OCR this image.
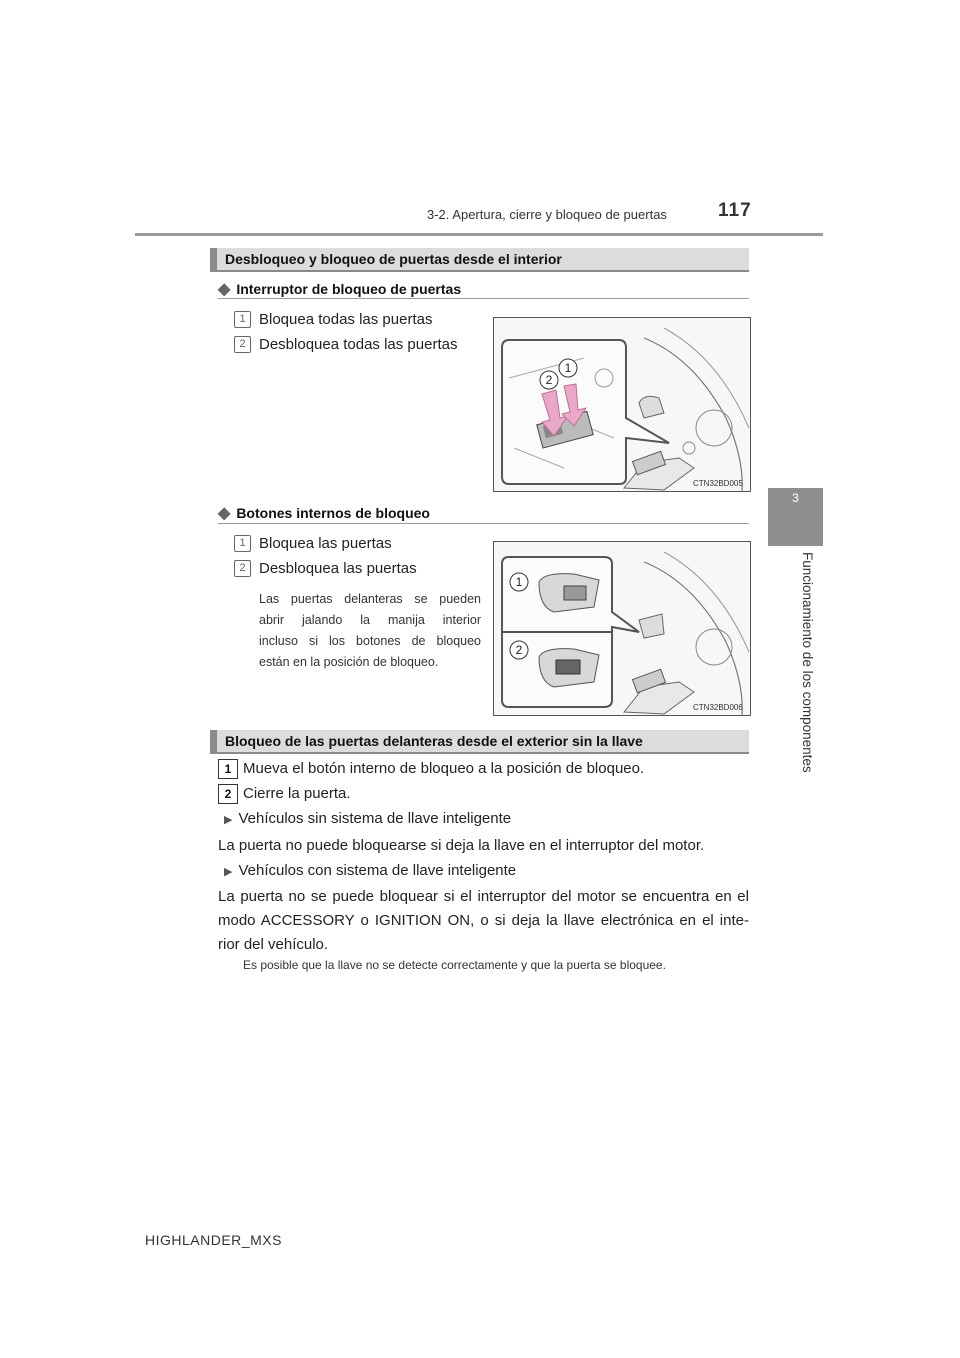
3-2. Apertura, cierre y bloqueo de puertas	117
3
Funcionamiento de los componentes
Desbloqueo y bloqueo de puertas desde el interior
◆ Interruptor de bloqueo de puertas
1 Bloquea todas las puertas
2 Desbloquea todas las puertas
2
1
CTN32BD005
◆ Botones internos de bloqueo
1 Bloquea las puertas
2 Desbloquea las puertas
Las puertas delanteras se pueden
abrir jalando la manija interior
incluso si los botones de bloqueo
están en la posición de bloqueo.
1
2
CTN32BD006
Bloqueo de las puertas delanteras desde el exterior sin la llave
1 Mueva el botón interno de bloqueo a la posición de bloqueo.
2 Cierre la puerta.
▶ Vehículos sin sistema de llave inteligente
La puerta no puede bloquearse si deja la llave en el interruptor del motor.
▶ Vehículos con sistema de llave inteligente
La puerta no se puede bloquear si el interruptor del motor se encuentra en el
modo ACCESSORY o IGNITION ON, o si deja la llave electrónica en el inte-
rior del vehículo.
Es posible que la llave no se detecte correctamente y que la puerta se bloquee.
HIGHLANDER_MXS
